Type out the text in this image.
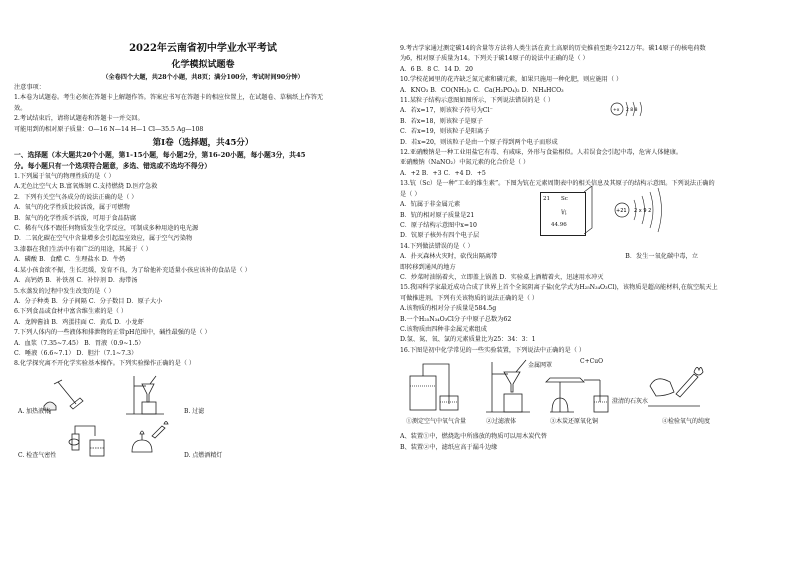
2022年云南省初中学业水平考试
化学模拟试题卷
（全卷四个大题，共28个小题，共8页；满分100分，考试时间90分钟）
注意事项：
1.本卷为试题卷。考生必须在答题卡上解题作答。答案应书写在答题卡的相应位置上，在试题卷、草稿纸上作答无
效。
2.考试结束后，请将试题卷和答题卡一并交回。
可能用到的相对原子质量：O—16 N—14 H—1 Cl—35.5 Ag—108
第Ⅰ卷（选择题，共45分）
一、选择题（本大题共20个小题，第1-15小题，每小题2分，第16-20小题，每小题3分，共45
分。每小题只有一个选项符合题意，多选、错选或不选均不得分）
1.下列属于氧气的物理性质的是（ ）
A.无色比空气大 B.富氧炼钢 C.支持燃烧 D.医疗急救
2．下列有关空气各成分的说法正确的是（ ）
A．氧气的化学性质比较活泼，属于可燃物
B．氮气的化学性质不活泼，可用于食品防腐
C．稀有气体不跟任何物质发生化学反应，可制成多种用途的电光源
D．二氧化碳在空气中含量增多会引起温室效应，属于空气污染物
3.漆器在我们生活中有着广泛的用途，其属于（ ）
A．磷酸 B．食醋 C．生理盐水 D．牛奶
4.某小孩食欲不振，生长迟缓，发育不良，为了给他补充适量小孩应该补的食品是（ ）
A．高钙奶 B．补铁剂 C．补锌剂 D．海带汤
5.水蒸发的过程中发生改变的是（ ）
A．分子种类 B．分子间隔 C．分子数目 D．原子大小
6.下列食品或食材中富含维生素的是（ ）
A．龙牌酱油 B．鸡蛋挂面 C．黄瓜 D．小龙虾
7.下列人体内的一些液体和排泄物的正常pH范围中，碱性最强的是（ ）
A．血浆（7.35~7.45） B．胃液（0.9~1.5）
C．唾液（6.6~7.1） D．胆汁（7.1~7.3）
8.化学探究离不开化学实验基本操作。下列实验操作正确的是（ ）
A. 加热液体	B. 过滤
C. 检查气密性	D. 点燃酒精灯
9.考古学家通过测定碳14的含量等方法将人类生活在黄土高原的历史推前至距今212万年。碳14原子的核电荷数
为6，相对原子质量为14。下列关于碳14原子的说法中正确的是（ ）
A．6 B．8 C．14 D．20
10.学校花园里的花卉缺乏氮元素和磷元素，如果只施用一种化肥，则应施用（ ）
A．KNO₃ B．CO(NH₂)₂ C．Ca(H₂PO₄)₂ D．NH₄HCO₃
11.某粒子结构示意图如图所示，下列说法错误的是（ ）
A．若x=17，则该粒子符号为Cl⁻
B．若x=18，则该粒子是原子
C．若x=19，则该粒子是阳离子
D．若x=20，则该粒子是由一个原子得到两个电子而形成
+x 2 8 8
12.亚硝酸钠是一种工业用盐它有毒、有咸味，外形与食盐相似。人若误食会引起中毒，危害人体健康。
亚硝酸钠（NaNO₂）中氮元素的化合价是（ ）
A．+2 B．+3 C．+4 D．+5
13.钪（Sc）是一种“工业的维生素”。下图为钪在元素周期表中的相关信息及其原子的结构示意图。下列说法正确的
是（ ）
A．钪属于非金属元素
B．钪的相对原子质量是21
C．原子结构示意图中x=10
D．钪原子核外有四个电子层
21 Sc
钪
44.96
+21 2 x 9 2
14.下列做法错误的是（ ）
A．扑灭森林火灾时，砍伐出隔离带	B．发生一氧化碳中毒，立
即转移到通风的地方
C．炒菜时油锅着火，立即盖上锅盖 D．实验桌上酒精着火，迅速用水冲灭
15.我国科学家最近成功合成了世界上首个全氮阴离子盐(化学式为H₂₅N₃₄O₃Cl)，该物质是超高能材料,在航空航天上
可做推进剂。下列有关该物质的说法正确的是（ ）
A.该物质的相对分子质量是584.5g
B.一个H₂₅N₃₄O₃Cl分子中原子总数为62
C.该物质由四种非金属元素组成
D.氢、氮、氧、氯的元素质量比为25：34：3：1
16.下图是初中化学常见的一些实验装置，下列说法中正确的是（ ）
①测定空气中氧气含量	②过滤液体	③木炭还原氧化铜	④检验氧气的纯度
金属网罩
C+CuO
澄清的石灰水
A、装置①中，燃烧匙中所盛放的物质可以用木炭代替
B、装置②中，滤纸应高于漏斗边缘
